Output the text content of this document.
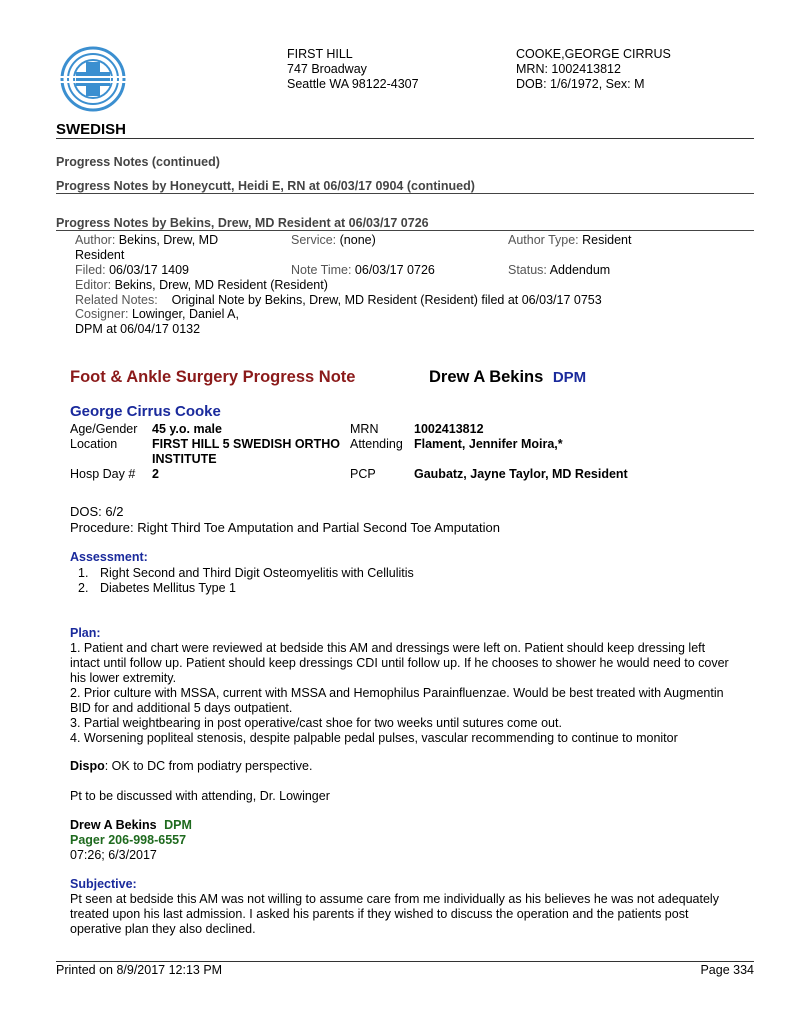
SWEDISH
FIRST HILL
747 Broadway
Seattle WA 98122-4307
COOKE,GEORGE CIRRUS
MRN: 1002413812
DOB: 1/6/1972, Sex: M
Progress Notes (continued)
Progress Notes by Honeycutt, Heidi E, RN at 06/03/17 0904 (continued)
Progress Notes by Bekins, Drew, MD Resident at 06/03/17 0726
Author: Bekins, Drew, MD
Resident
Service: (none)	Author Type: Resident
Filed: 06/03/17 1409	Note Time: 06/03/17 0726	Status: Addendum
Editor: Bekins, Drew, MD Resident (Resident)
Related Notes: Original Note by Bekins, Drew, MD Resident (Resident) filed at 06/03/17 0753
Cosigner: Lowinger, Daniel A,
DPM at 06/04/17 0132
Foot & Ankle Surgery Progress Note	Drew A Bekins DPM
George Cirrus Cooke
Age/Gender	45 y.o. male	MRN	1002413812
Location	FIRST HILL 5 SWEDISH ORTHO
INSTITUTE	Attending	Flament, Jennifer Moira,*
Hosp Day #	2	PCP	Gaubatz, Jayne Taylor, MD Resident
DOS: 6/2
Procedure: Right Third Toe Amputation and Partial Second Toe Amputation
Assessment:
1. Right Second and Third Digit Osteomyelitis with Cellulitis
2. Diabetes Mellitus Type 1
Plan:
1. Patient and chart were reviewed at bedside this AM and dressings were left on. Patient should keep dressing left
intact until follow up. Patient should keep dressings CDI until follow up. If he chooses to shower he would need to cover
his lower extremity.
2. Prior culture with MSSA, current with MSSA and Hemophilus Parainfluenzae. Would be best treated with Augmentin
BID for and additional 5 days outpatient.
3. Partial weightbearing in post operative/cast shoe for two weeks until sutures come out.
4. Worsening popliteal stenosis, despite palpable pedal pulses, vascular recommending to continue to monitor
Dispo: OK to DC from podiatry perspective.
Pt to be discussed with attending, Dr. Lowinger
Drew A Bekins DPM
Pager 206-998-6557
07:26; 6/3/2017
Subjective:
Pt seen at bedside this AM was not willing to assume care from me individually as his believes he was not adequately
treated upon his last admission. I asked his parents if they wished to discuss the operation and the patients post
operative plan they also declined.
Printed on 8/9/2017 12:13 PM	Page 334
